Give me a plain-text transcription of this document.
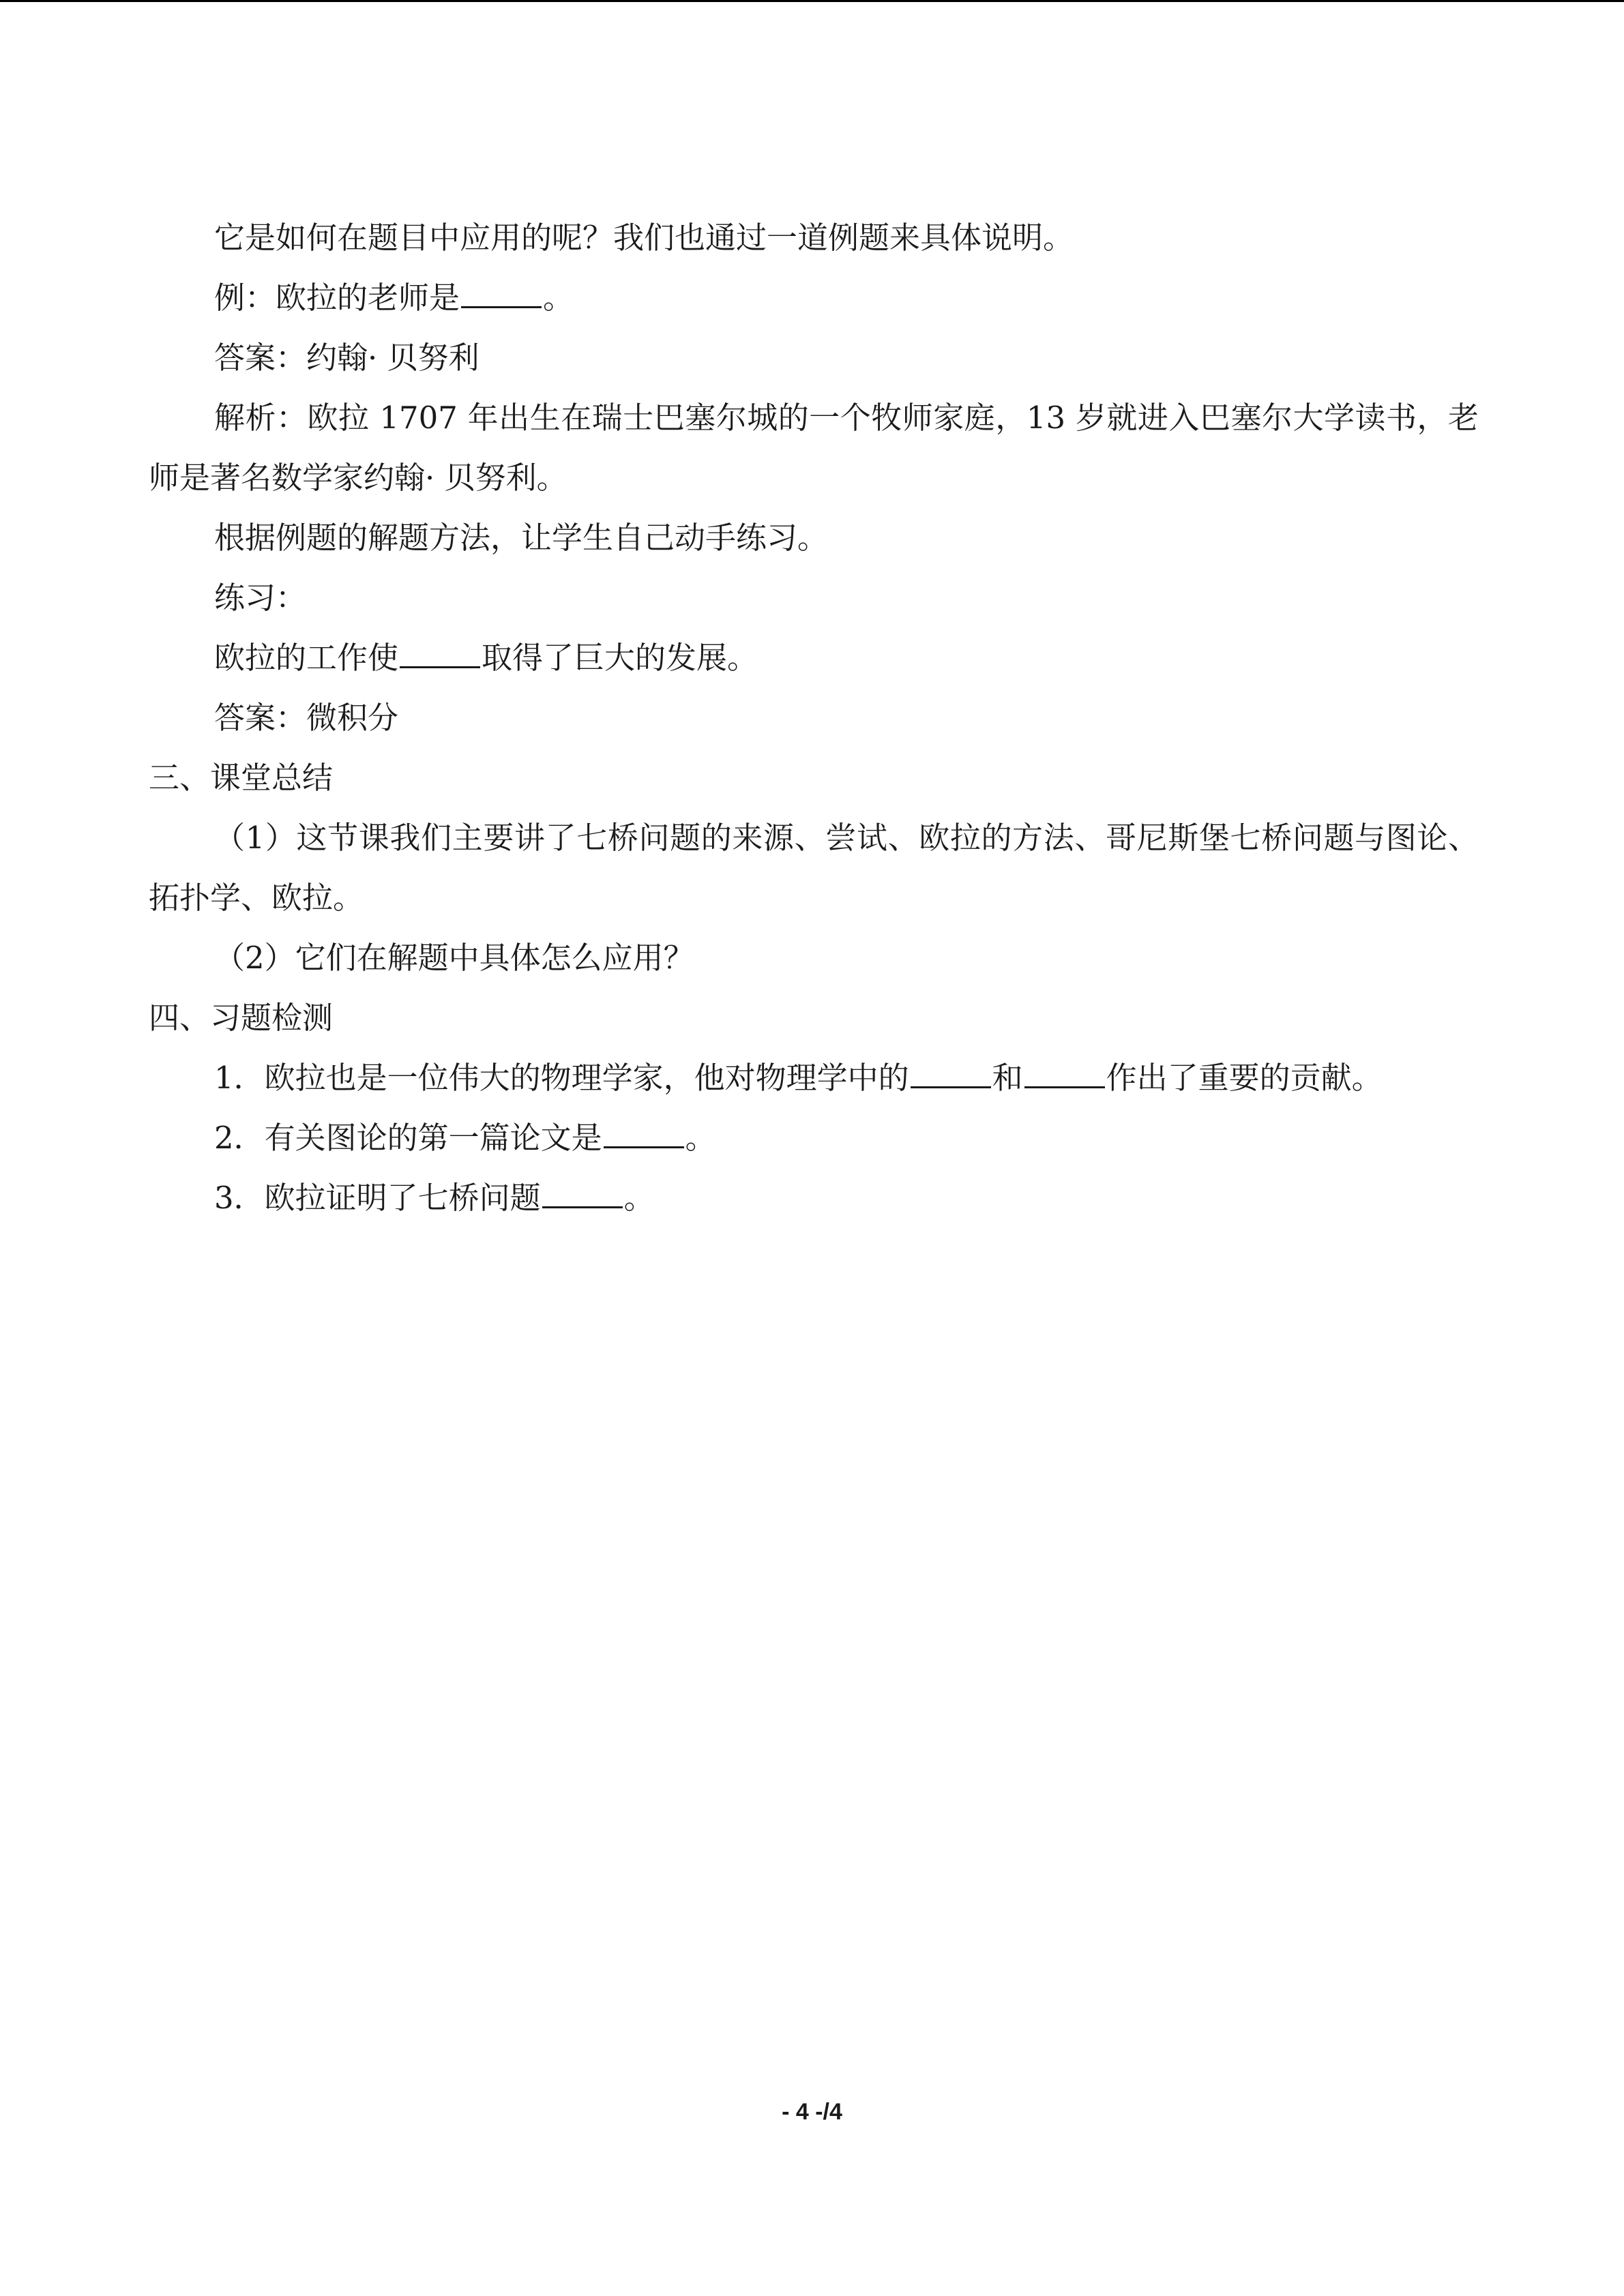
它是如何在题目中应用的呢？我们也通过一道例题来具体说明。

例：欧拉的老师是	。

答案：约翰· 贝努利

解析：欧拉 1707 年出生在瑞士巴塞尔城的一个牧师家庭，13 岁就进入巴塞尔大学读书，老师是著名数学家约翰· 贝努利。

根据例题的解题方法，让学生自己动手练习。

练习：

欧拉的工作使	取得了巨大的发展。

答案：微积分

三、课堂总结

（1）这节课我们主要讲了七桥问题的来源、尝试、欧拉的方法、哥尼斯堡七桥问题与图论、拓扑学、欧拉。

（2）它们在解题中具体怎么应用？

四、习题检测

1．欧拉也是一位伟大的物理学家，他对物理学中的	和	作出了重要的贡献。

2．有关图论的第一篇论文是	。

3．欧拉证明了七桥问题	。

- 4 -/4
